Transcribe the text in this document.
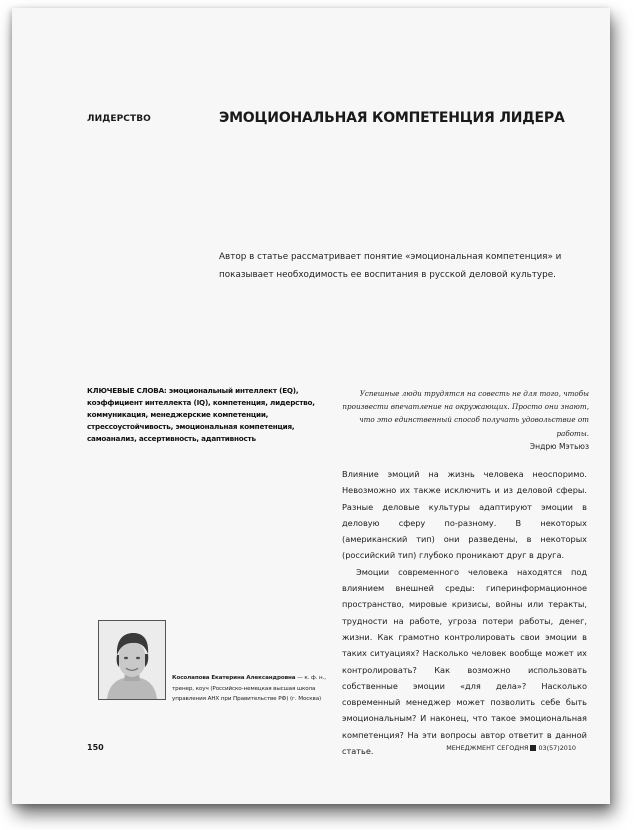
ЛИДЕРСТВО	ЭМОЦИОНАЛЬНАЯ КОМПЕТЕНЦИЯ ЛИДЕРА

Автор в статье рассматривает понятие «эмоциональная компетенция» и показывает необходимость ее воспитания в русской деловой культуре.

КЛЮЧЕВЫЕ СЛОВА: эмоциональный интеллект (EQ), коэффициент интеллекта (IQ), компетенция, лидерство, коммуникация, менеджерские компетенции, стрессоустойчивость, эмоциональная компетенция, самоанализ, ассертивность, адаптивность

Успешные люди трудятся на совесть не для того, чтобы произвести впечатление на окружающих. Просто они знают, что это единственный способ получать удовольствие от работы.

Эндрю Мэтьюз

Влияние эмоций на жизнь человека неоспоримо. Невозможно их также исключить и из деловой сферы. Разные деловые культуры адаптируют эмоции в деловую сферу по-разному. В некоторых (американский тип) они разведены, в некоторых (российский тип) глубоко проникают друг в друга.

Эмоции современного человека находятся под влиянием внешней среды: гиперинформационное пространство, мировые кризисы, войны или теракты, трудности на работе, угроза потери работы, денег, жизни. Как грамотно контролировать свои эмоции в таких ситуациях? Насколько человек вообще может их контролировать? Как возможно использовать собственные эмоции «для дела»? Насколько современный менеджер может позволить себе быть эмоциональным? И наконец, что такое эмоциональная компетенция? На эти вопросы автор ответит в данной статье.

Косолапова Екатерина Александровна — к. ф. н., тренер, коуч (Российско-немецкая высшая школа управления АНХ при Правительстве РФ) (г. Москва)

150	МЕНЕДЖМЕНТ СЕГОДНЯ 03(57)2010
